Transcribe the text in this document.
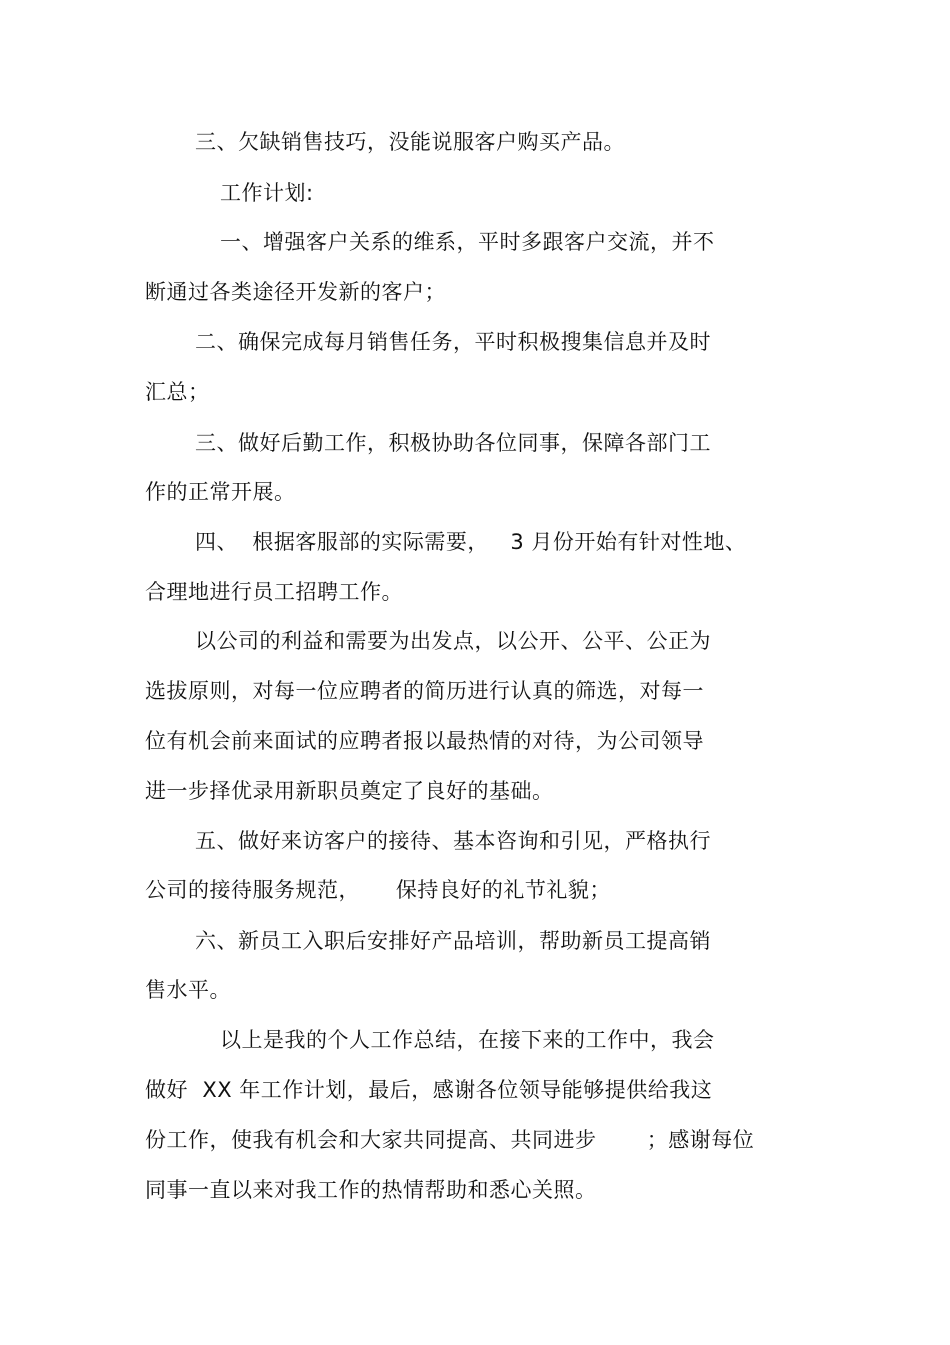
三、欠缺销售技巧，没能说服客户购买产品。
工作计划:
一、增强客户关系的维系，平时多跟客户交流，并不
断通过各类途径开发新的客户；
二、确保完成每月销售任务，平时积极搜集信息并及时
汇总；
三、做好后勤工作，积极协助各位同事，保障各部门工
作的正常开展。
四、  根据客服部的实际需要，   3 月份开始有针对性地、
合理地进行员工招聘工作。
以公司的利益和需要为出发点，以公开、公平、公正为
选拔原则，对每一位应聘者的简历进行认真的筛选，对每一
位有机会前来面试的应聘者报以最热情的对待，为公司领导
进一步择优录用新职员奠定了良好的基础。
五、做好来访客户的接待、基本咨询和引见，严格执行
公司的接待服务规范，     保持良好的礼节礼貌；
六、新员工入职后安排好产品培训，帮助新员工提高销
售水平。
以上是我的个人工作总结，在接下来的工作中，我会
做好  XX 年工作计划，最后，感谢各位领导能够提供给我这
份工作，使我有机会和大家共同提高、共同进步       ；感谢每位
同事一直以来对我工作的热情帮助和悉心关照。
